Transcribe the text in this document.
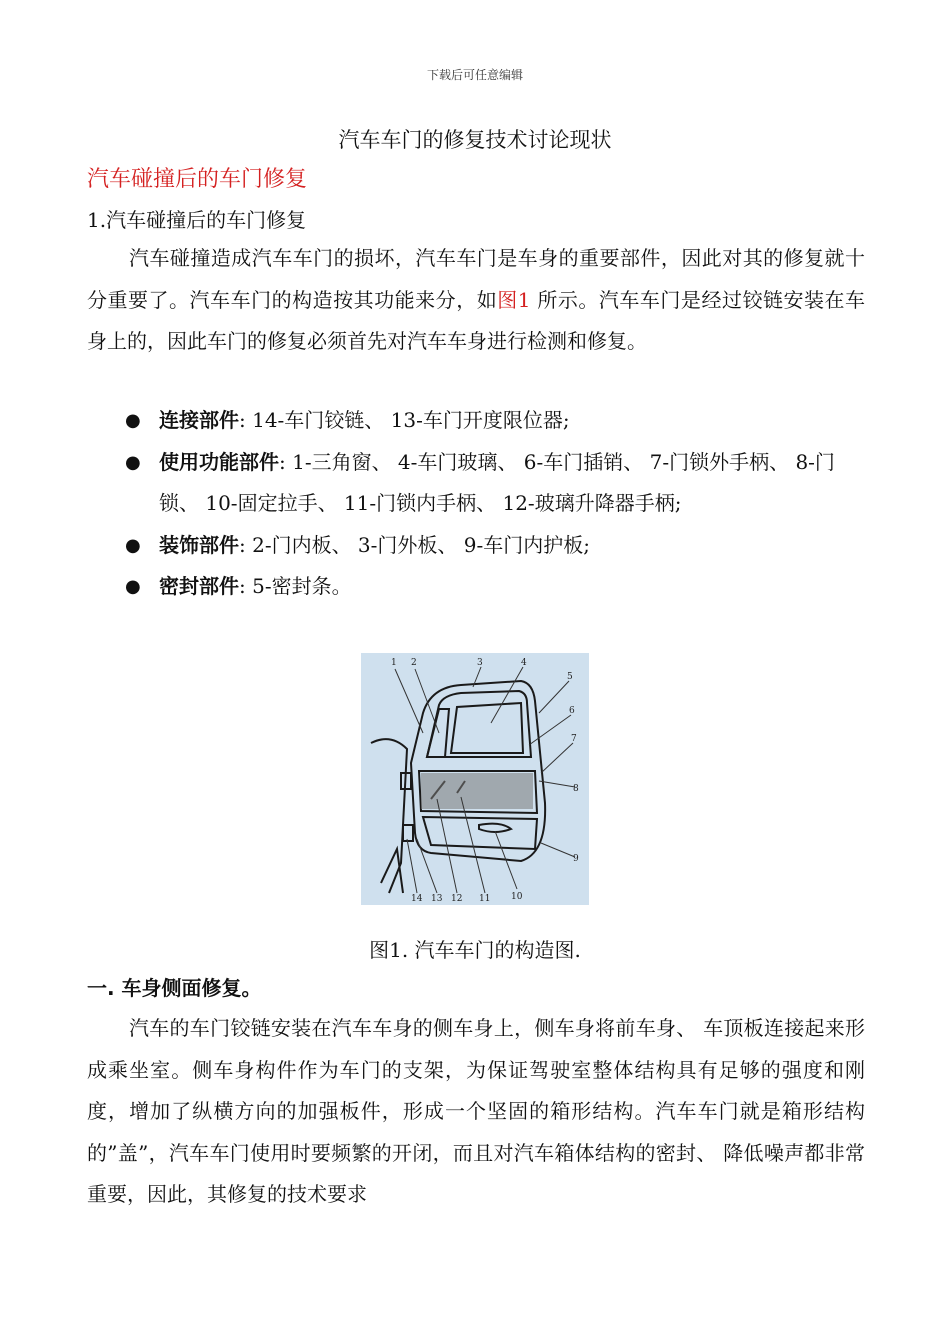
下载后可任意编辑
汽车车门的修复技术讨论现状
汽车碰撞后的车门修复
1.汽车碰撞后的车门修复

汽车碰撞造成汽车车门的损坏，汽车车门是车身的重要部件，因此对其的修复就十分重要了。汽车车门的构造按其功能来分，如图1 所示。汽车车门是经过铰链安装在车身上的，因此车门的修复必须首先对汽车车身进行检测和修复。

● 连接部件: 14-车门铰链、 13-车门开度限位器;
● 使用功能部件: 1-三角窗、 4-车门玻璃、 6-车门插销、 7-门锁外手柄、 8-门锁、 10-固定拉手、 11-门锁内手柄、 12-玻璃升降器手柄;
● 装饰部件: 2-门内板、 3-门外板、 9-车门内护板;
● 密封部件: 5-密封条。
1 2	3	4
5
6
7
8
9
10
11
12
13
14
图1. 汽车车门的构造图.
一. 车身侧面修复。

汽车的车门铰链安装在汽车车身的侧车身上，侧车身将前车身、 车顶板连接起来形成乘坐室。侧车身构件作为车门的支架，为保证驾驶室整体结构具有足够的强度和刚度，增加了纵横方向的加强板件，形成一个坚固的箱形结构。汽车车门就是箱形结构的”盖”，汽车车门使用时要频繁的开闭，而且对汽车箱体结构的密封、 降低噪声都非常重要，因此，其修复的技术要求
